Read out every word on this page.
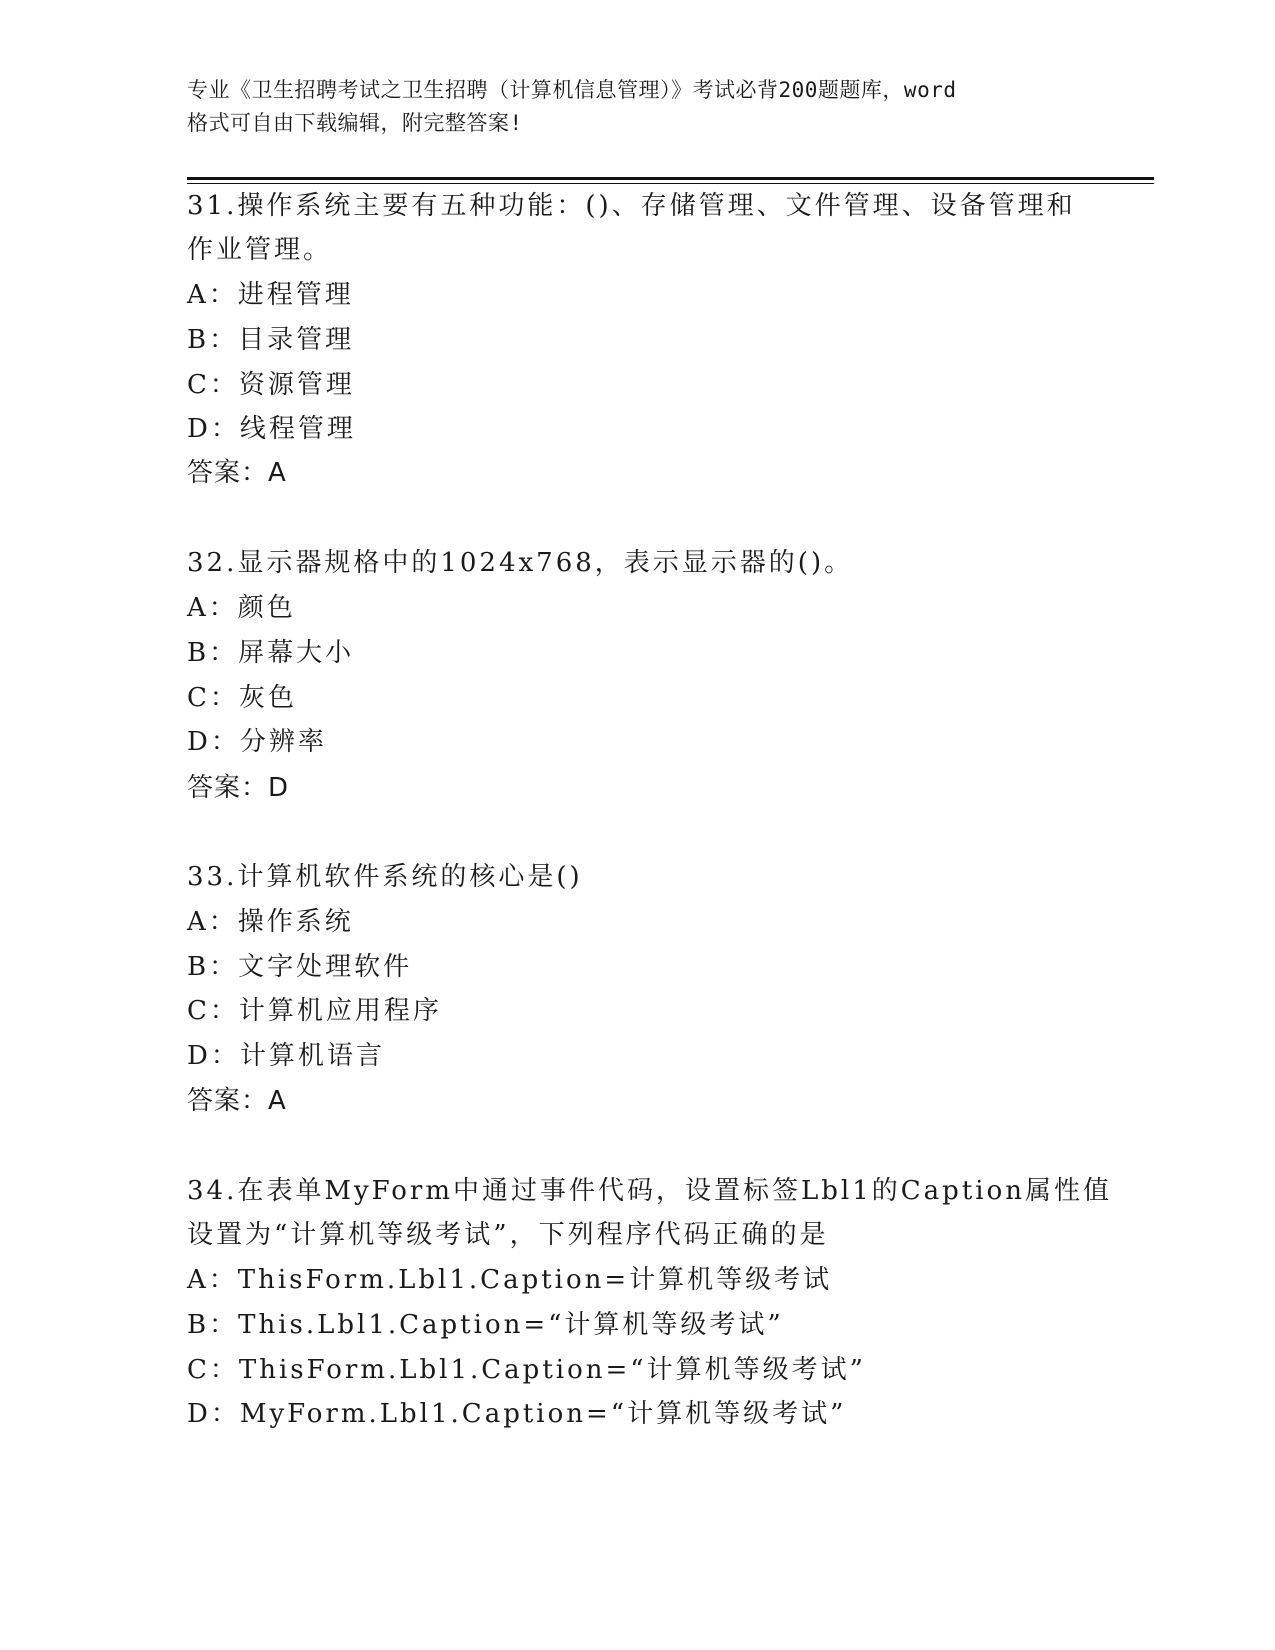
专业《卫生招聘考试之卫生招聘（计算机信息管理）》考试必背200题题库，word
格式可自由下载编辑，附完整答案!
31.操作系统主要有五种功能：()、存储管理、文件管理、设备管理和
作业管理。
A：进程管理
B：目录管理
C：资源管理
D：线程管理
答案：A
32.显示器规格中的1024x768，表示显示器的()。
A：颜色
B：屏幕大小
C：灰色
D：分辨率
答案：D
33.计算机软件系统的核心是()
A：操作系统
B：文字处理软件
C：计算机应用程序
D：计算机语言
答案：A
34.在表单MyForm中通过事件代码，设置标签Lbl1的Caption属性值
设置为“计算机等级考试”，下列程序代码正确的是
A：ThisForm.Lbl1.Caption=计算机等级考试
B：This.Lbl1.Caption=“计算机等级考试”
C：ThisForm.Lbl1.Caption=“计算机等级考试”
D：MyForm.Lbl1.Caption=“计算机等级考试”
